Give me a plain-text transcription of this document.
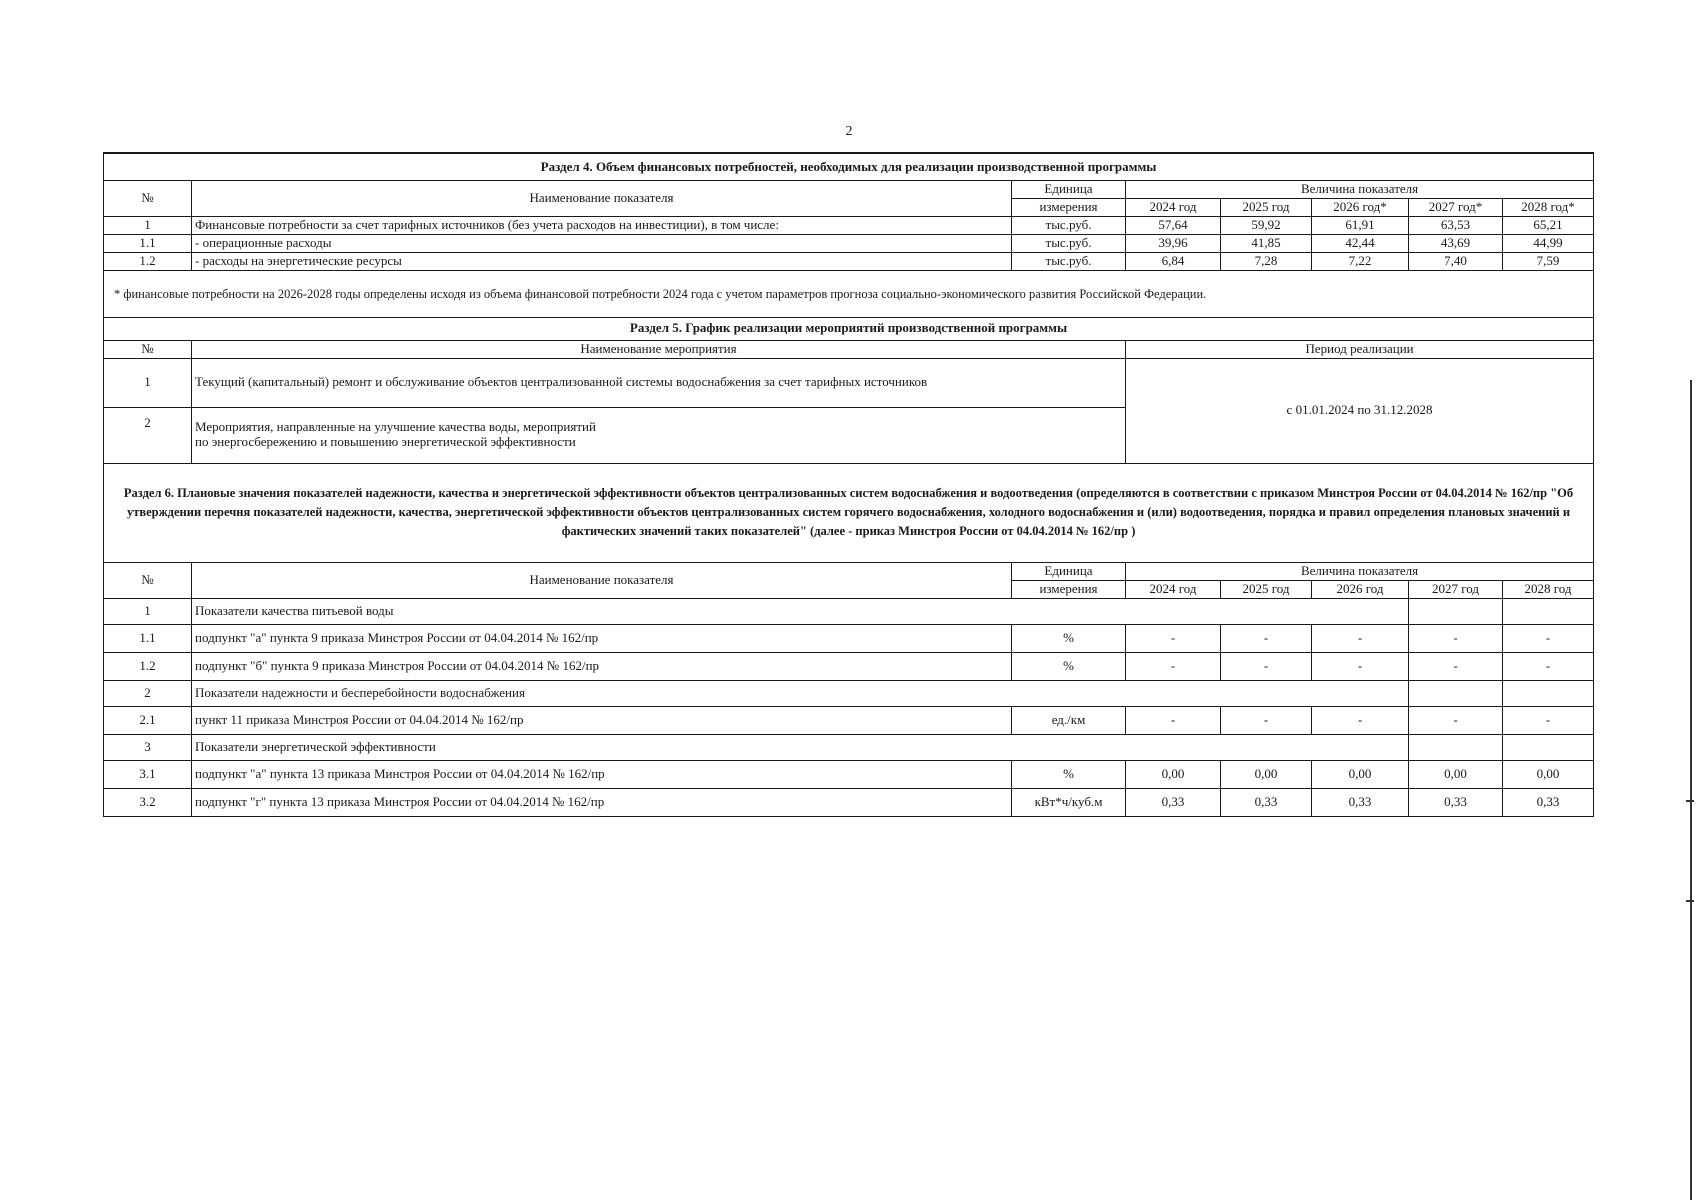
2
Раздел 4. Объем финансовых потребностей, необходимых для реализации производственной программы							
№	Наименование показателя	Единица	Величина показателя				
		измерения	2024 год	2025 год	2026 год*	2027 год*	2028 год*
1	Финансовые потребности за счет тарифных источников (без учета расходов на инвестиции), в том числе:	тыс.руб.	57,64	59,92	61,91	63,53	65,21
1.1	- операционные расходы	тыс.руб.	39,96	41,85	42,44	43,69	44,99
1.2	- расходы на энергетические ресурсы	тыс.руб.	6,84	7,28	7,22	7,40	7,59
* финансовые потребности на 2026-2028 годы определены исходя из объема финансовой потребности 2024 года с учетом параметров прогноза социально-экономического развития Российской Федерации.							
Раздел 5. График реализации мероприятий производственной программы							
№	Наименование мероприятия		Период реализации				
1	Текущий (капитальный) ремонт и обслуживание объектов централизованной системы водоснабжения за счет тарифных источников		с 01.01.2024 по 31.12.2028				
2	Мероприятия, направленные на улучшение качества воды, мероприятий
по энергосбережению и повышению энергетической эффективности						

Раздел 6. Плановые значения показателей надежности, качества и энергетической эффективности объектов централизованных систем водоснабжения и водоотведения (определяются в соответствии с приказом Минстроя России от 04.04.2014 № 162/пр "Об утверждении перечня показателей надежности, качества, энергетической эффективности объектов централизованных систем горячего водоснабжения, холодного водоснабжения и (или) водоотведения, порядка и правил определения плановых значений и фактических значений таких показателей" (далее - приказ Минстроя России от 04.04.2014 № 162/пр )							
№	Наименование показателя	Единица	Величина показателя				
		измерения	2024 год	2025 год	2026 год	2027 год	2028 год
1	Показатели качества питьевой воды						
1.1	подпункт "а" пункта 9 приказа Минстроя России от 04.04.2014 № 162/пр	%	-	-	-	-	-
1.2	подпункт "б" пункта 9 приказа Минстроя России от 04.04.2014 № 162/пр	%	-	-	-	-	-
2	Показатели надежности и бесперебойности водоснабжения						
2.1	пункт 11 приказа Минстроя России от 04.04.2014 № 162/пр	ед./км	-	-	-	-	-
3	Показатели энергетической эффективности						
3.1	подпункт "а" пункта 13 приказа Минстроя России от 04.04.2014 № 162/пр	%	0,00	0,00	0,00	0,00	0,00
3.2	подпункт "г" пункта 13 приказа Минстроя России от 04.04.2014 № 162/пр	кВт*ч/куб.м	0,33	0,33	0,33	0,33	0,33
